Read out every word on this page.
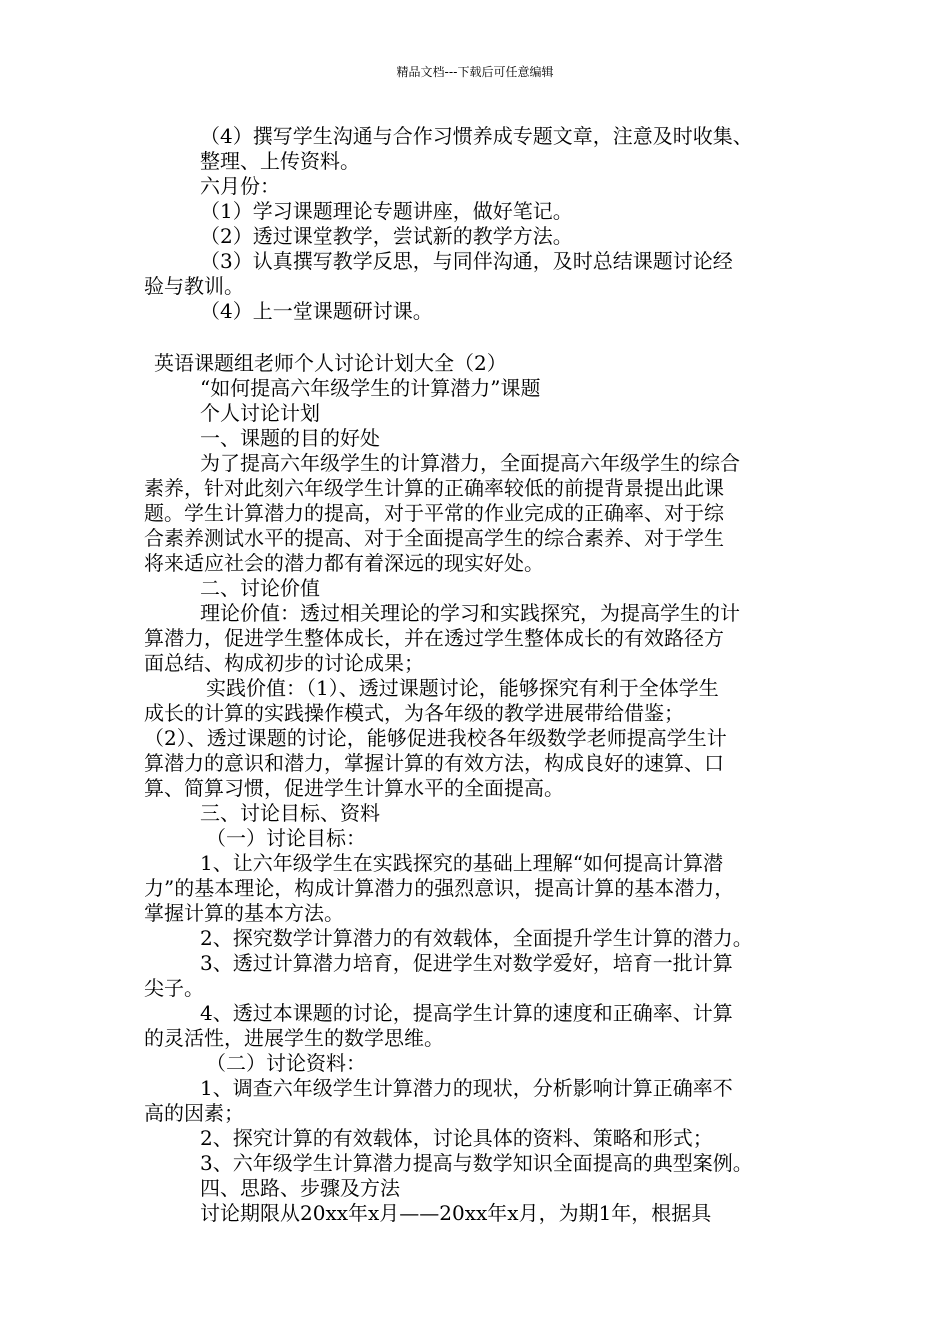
精品文档---下载后可任意编辑
（4）撰写学生沟通与合作习惯养成专题文章，注意及时收集、
整理、上传资料。
六月份：
（1）学习课题理论专题讲座，做好笔记。
（2）透过课堂教学，尝试新的教学方法。
（3）认真撰写教学反思，与同伴沟通，及时总结课题讨论经
验与教训。
（4）上一堂课题研讨课。
英语课题组老师个人讨论计划大全（2）
“如何提高六年级学生的计算潜力”课题
个人讨论计划
一、课题的目的好处
为了提高六年级学生的计算潜力，全面提高六年级学生的综合
素养，针对此刻六年级学生计算的正确率较低的前提背景提出此课
题。学生计算潜力的提高，对于平常的作业完成的正确率、对于综
合素养测试水平的提高、对于全面提高学生的综合素养、对于学生
将来适应社会的潜力都有着深远的现实好处。
二、讨论价值
理论价值：透过相关理论的学习和实践探究，为提高学生的计
算潜力，促进学生整体成长，并在透过学生整体成长的有效路径方
面总结、构成初步的讨论成果；
实践价值：（1）、透过课题讨论，能够探究有利于全体学生
成长的计算的实践操作模式，为各年级的教学进展带给借鉴；
（2）、透过课题的讨论，能够促进我校各年级数学老师提高学生计
算潜力的意识和潜力，掌握计算的有效方法，构成良好的速算、口
算、简算习惯，促进学生计算水平的全面提高。
三、讨论目标、资料
（一）讨论目标：
1、让六年级学生在实践探究的基础上理解“如何提高计算潜
力”的基本理论，构成计算潜力的强烈意识，提高计算的基本潜力，
掌握计算的基本方法。
2、探究数学计算潜力的有效载体，全面提升学生计算的潜力。
3、透过计算潜力培育，促进学生对数学爱好，培育一批计算
尖子。
4、透过本课题的讨论，提高学生计算的速度和正确率、计算
的灵活性，进展学生的数学思维。
（二）讨论资料：
1、调查六年级学生计算潜力的现状，分析影响计算正确率不
高的因素；
2、探究计算的有效载体，讨论具体的资料、策略和形式；
3、六年级学生计算潜力提高与数学知识全面提高的典型案例。
四、思路、步骤及方法
讨论期限从20xx年x月——20xx年x月，为期1年，根据具
